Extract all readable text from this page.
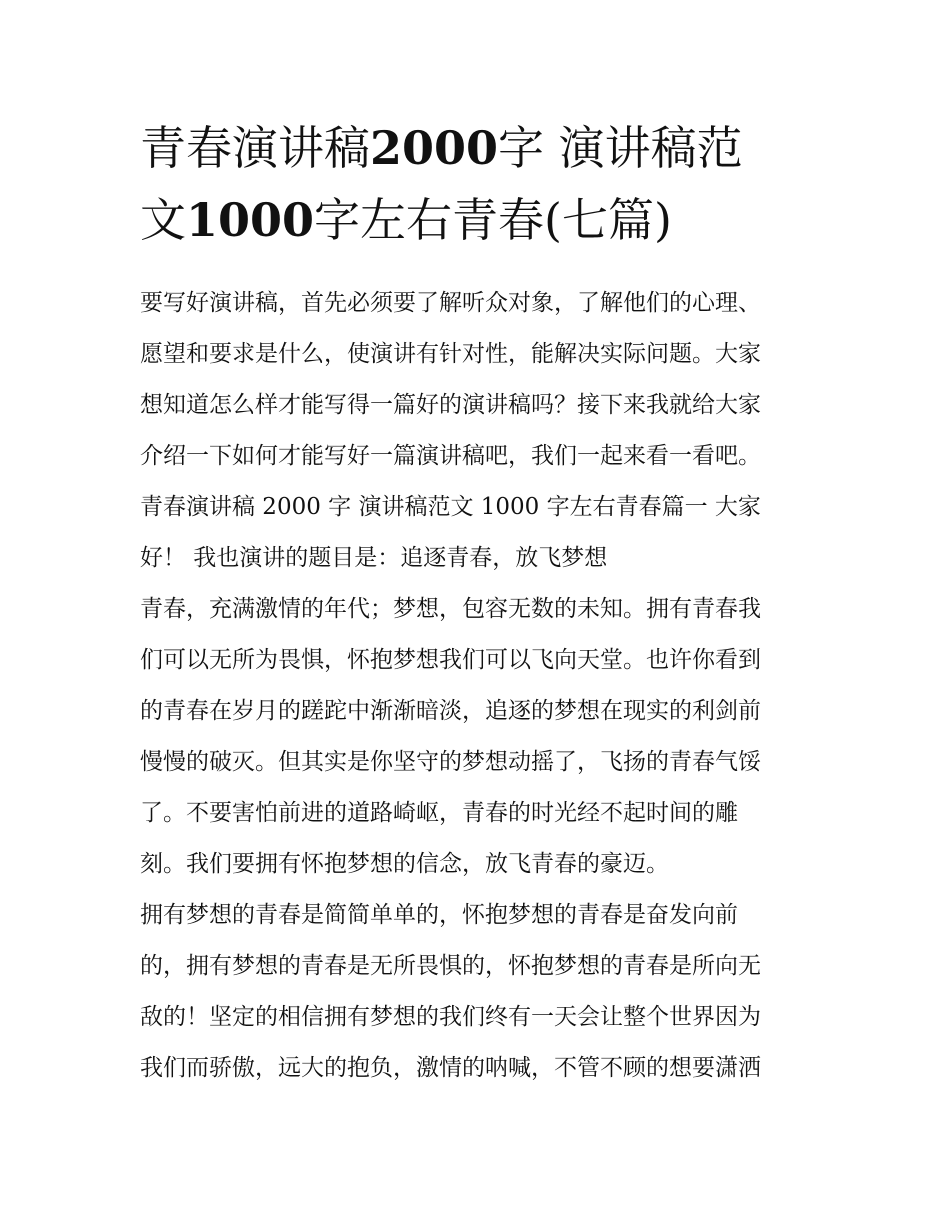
青春演讲稿2000字 演讲稿范
文1000字左右青春(七篇)
要写好演讲稿，首先必须要了解听众对象，了解他们的心理、
愿望和要求是什么，使演讲有针对性，能解决实际问题。大家
想知道怎么样才能写得一篇好的演讲稿吗？接下来我就给大家
介绍一下如何才能写好一篇演讲稿吧，我们一起来看一看吧。
青春演讲稿 2000 字 演讲稿范文 1000 字左右青春篇一 大家
好！ 我也演讲的题目是：追逐青春，放飞梦想
青春，充满激情的年代；梦想，包容无数的未知。拥有青春我
们可以无所为畏惧，怀抱梦想我们可以飞向天堂。也许你看到
的青春在岁月的蹉跎中渐渐暗淡，追逐的梦想在现实的利剑前
慢慢的破灭。但其实是你坚守的梦想动摇了，飞扬的青春气馁
了。不要害怕前进的道路崎岖，青春的时光经不起时间的雕
刻。我们要拥有怀抱梦想的信念，放飞青春的豪迈。
拥有梦想的青春是简简单单的，怀抱梦想的青春是奋发向前
的，拥有梦想的青春是无所畏惧的，怀抱梦想的青春是所向无
敌的！坚定的相信拥有梦想的我们终有一天会让整个世界因为
我们而骄傲，远大的抱负，激情的呐喊，不管不顾的想要潇洒
